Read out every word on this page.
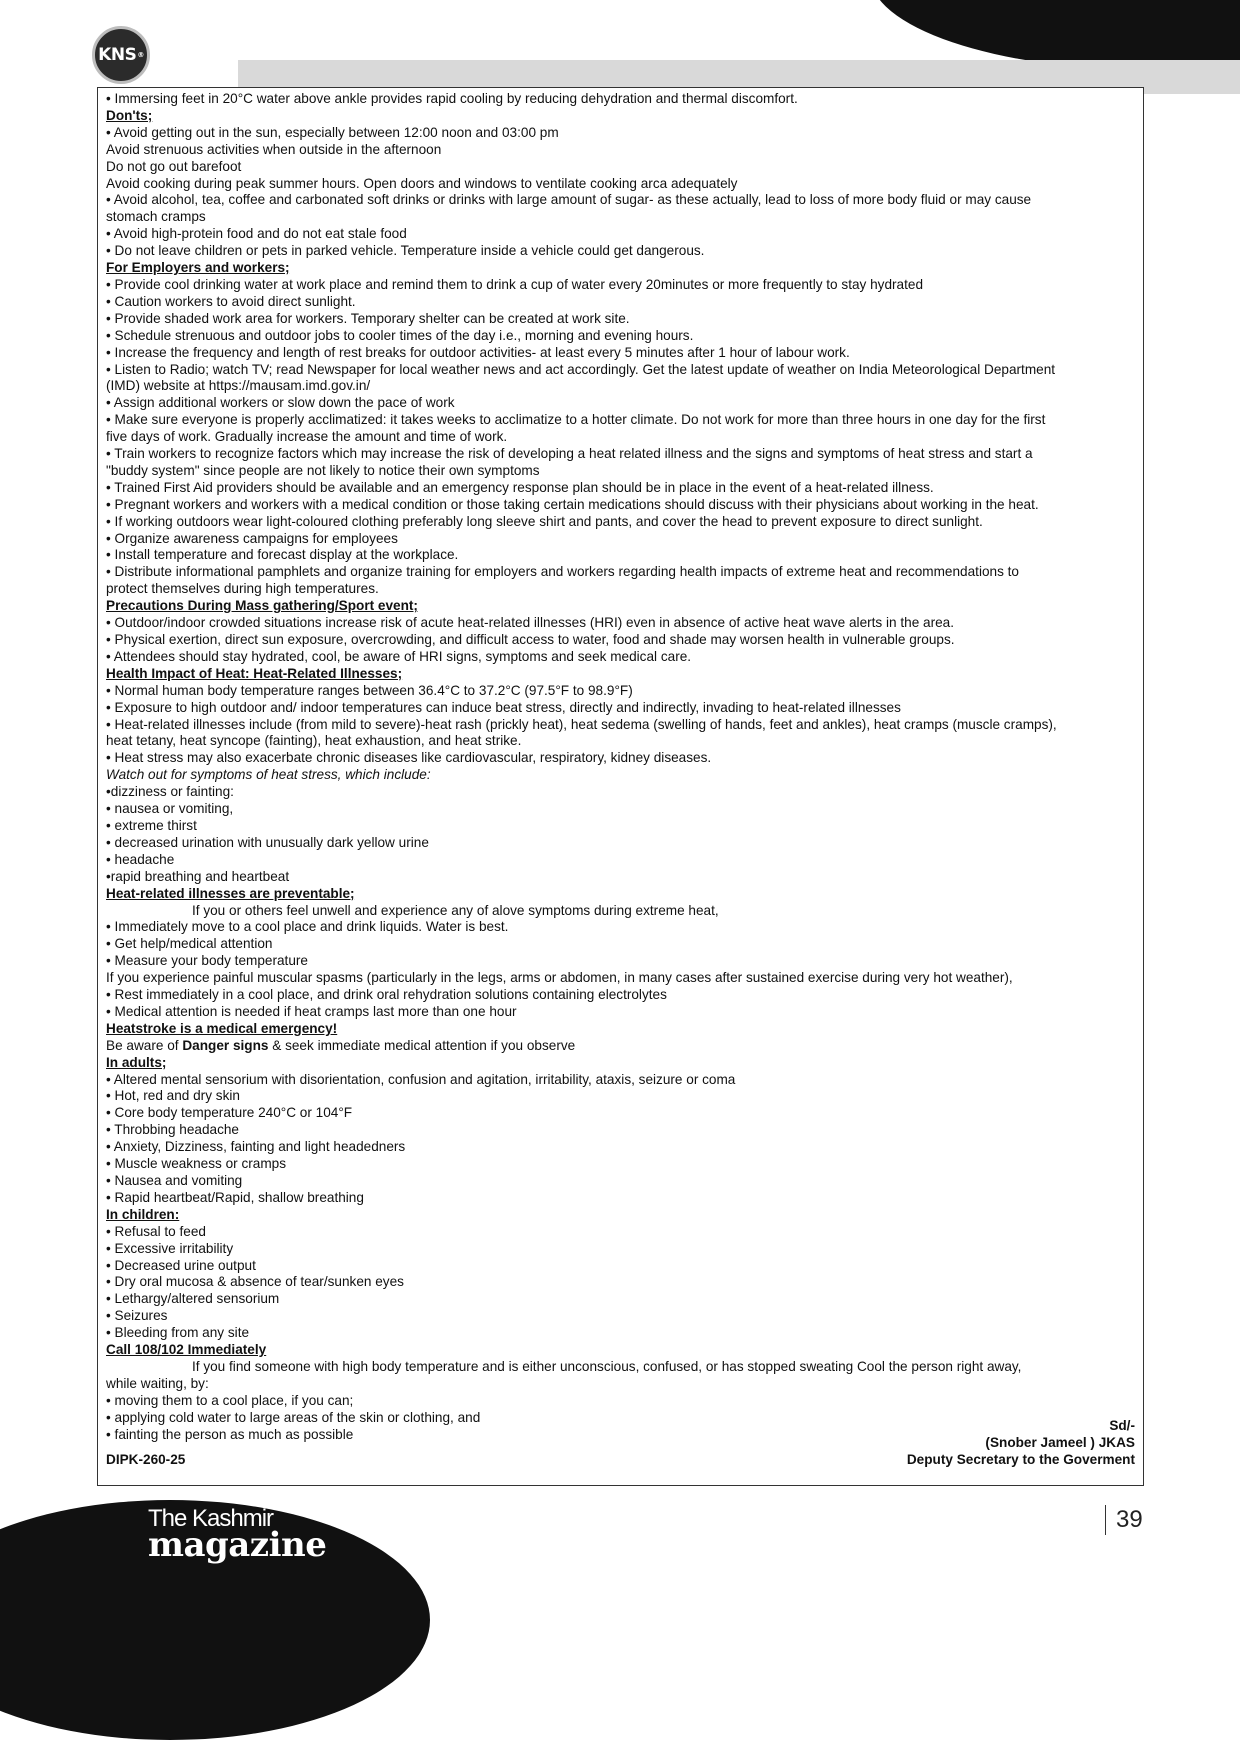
KNS ®
• Immersing feet in 20°C water above ankle provides rapid cooling by reducing dehydration and thermal discomfort.
Don'ts;
• Avoid getting out in the sun, especially between 12:00 noon and 03:00 pm
Avoid strenuous activities when outside in the afternoon
Do not go out barefoot
Avoid cooking during peak summer hours. Open doors and windows to ventilate cooking arca adequately
• Avoid alcohol, tea, coffee and carbonated soft drinks or drinks with large amount of sugar- as these actually, lead to loss of more body fluid or may cause
stomach cramps
• Avoid high-protein food and do not eat stale food
• Do not leave children or pets in parked vehicle. Temperature inside a vehicle could get dangerous.
For Employers and workers;
• Provide cool drinking water at work place and remind them to drink a cup of water every 20minutes or more frequently to stay hydrated
• Caution workers to avoid direct sunlight.
• Provide shaded work area for workers. Temporary shelter can be created at work site.
• Schedule strenuous and outdoor jobs to cooler times of the day i.e., morning and evening hours.
• Increase the frequency and length of rest breaks for outdoor activities- at least every 5 minutes after 1 hour of labour work.
• Listen to Radio; watch TV; read Newspaper for local weather news and act accordingly. Get the latest update of weather on India Meteorological Department
(IMD) website at https://mausam.imd.gov.in/
• Assign additional workers or slow down the pace of work
• Make sure everyone is properly acclimatized: it takes weeks to acclimatize to a hotter climate. Do not work for more than three hours in one day for the first
five days of work. Gradually increase the amount and time of work.
• Train workers to recognize factors which may increase the risk of developing a heat related illness and the signs and symptoms of heat stress and start a
"buddy system" since people are not likely to notice their own symptoms
• Trained First Aid providers should be available and an emergency response plan should be in place in the event of a heat-related illness.
• Pregnant workers and workers with a medical condition or those taking certain medications should discuss with their physicians about working in the heat.
• If working outdoors wear light-coloured clothing preferably long sleeve shirt and pants, and cover the head to prevent exposure to direct sunlight.
• Organize awareness campaigns for employees
• Install temperature and forecast display at the workplace.
• Distribute informational pamphlets and organize training for employers and workers regarding health impacts of extreme heat and recommendations to
protect themselves during high temperatures.
Precautions During Mass gathering/Sport event;
• Outdoor/indoor crowded situations increase risk of acute heat-related illnesses (HRI) even in absence of active heat wave alerts in the area.
• Physical exertion, direct sun exposure, overcrowding, and difficult access to water, food and shade may worsen health in vulnerable groups.
• Attendees should stay hydrated, cool, be aware of HRI signs, symptoms and seek medical care.
Health Impact of Heat: Heat-Related Illnesses;
• Normal human body temperature ranges between 36.4°C to 37.2°C (97.5°F to 98.9°F)
• Exposure to high outdoor and/ indoor temperatures can induce beat stress, directly and indirectly, invading to heat-related illnesses
• Heat-related illnesses include (from mild to severe)-heat rash (prickly heat), heat sedema (swelling of hands, feet and ankles), heat cramps (muscle cramps),
heat tetany, heat syncope (fainting), heat exhaustion, and heat strike.
• Heat stress may also exacerbate chronic diseases like cardiovascular, respiratory, kidney diseases.
Watch out for symptoms of heat stress, which include:
•dizziness or fainting:
• nausea or vomiting,
• extreme thirst
• decreased urination with unusually dark yellow urine
• headache
•rapid breathing and heartbeat
Heat-related illnesses are preventable;
If you or others feel unwell and experience any of alove symptoms during extreme heat,
• Immediately move to a cool place and drink liquids. Water is best.
• Get help/medical attention
• Measure your body temperature
If you experience painful muscular spasms (particularly in the legs, arms or abdomen, in many cases after sustained exercise during very hot weather),
• Rest immediately in a cool place, and drink oral rehydration solutions containing electrolytes
• Medical attention is needed if heat cramps last more than one hour
Heatstroke is a medical emergency!
Be aware of Danger signs & seek immediate medical attention if you observe
In adults;
• Altered mental sensorium with disorientation, confusion and agitation, irritability, ataxis, seizure or coma
• Hot, red and dry skin
• Core body temperature 240°C or 104°F
• Throbbing headache
• Anxiety, Dizziness, fainting and light headedners
• Muscle weakness or cramps
• Nausea and vomiting
• Rapid heartbeat/Rapid, shallow breathing
In children:
• Refusal to feed
• Excessive irritability
• Decreased urine output
• Dry oral mucosa & absence of tear/sunken eyes
• Lethargy/altered sensorium
• Seizures
• Bleeding from any site
Call 108/102 Immediately
If you find someone with high body temperature and is either unconscious, confused, or has stopped sweating Cool the person right away,
while waiting, by:
• moving them to a cool place, if you can;
• applying cold water to large areas of the skin or clothing, and
• fainting the person as much as possible
DIPK-260-25
Sd/-
(Snober Jameel ) JKAS
Deputy Secretary to the Goverment
The Kashmir
magazine
39
